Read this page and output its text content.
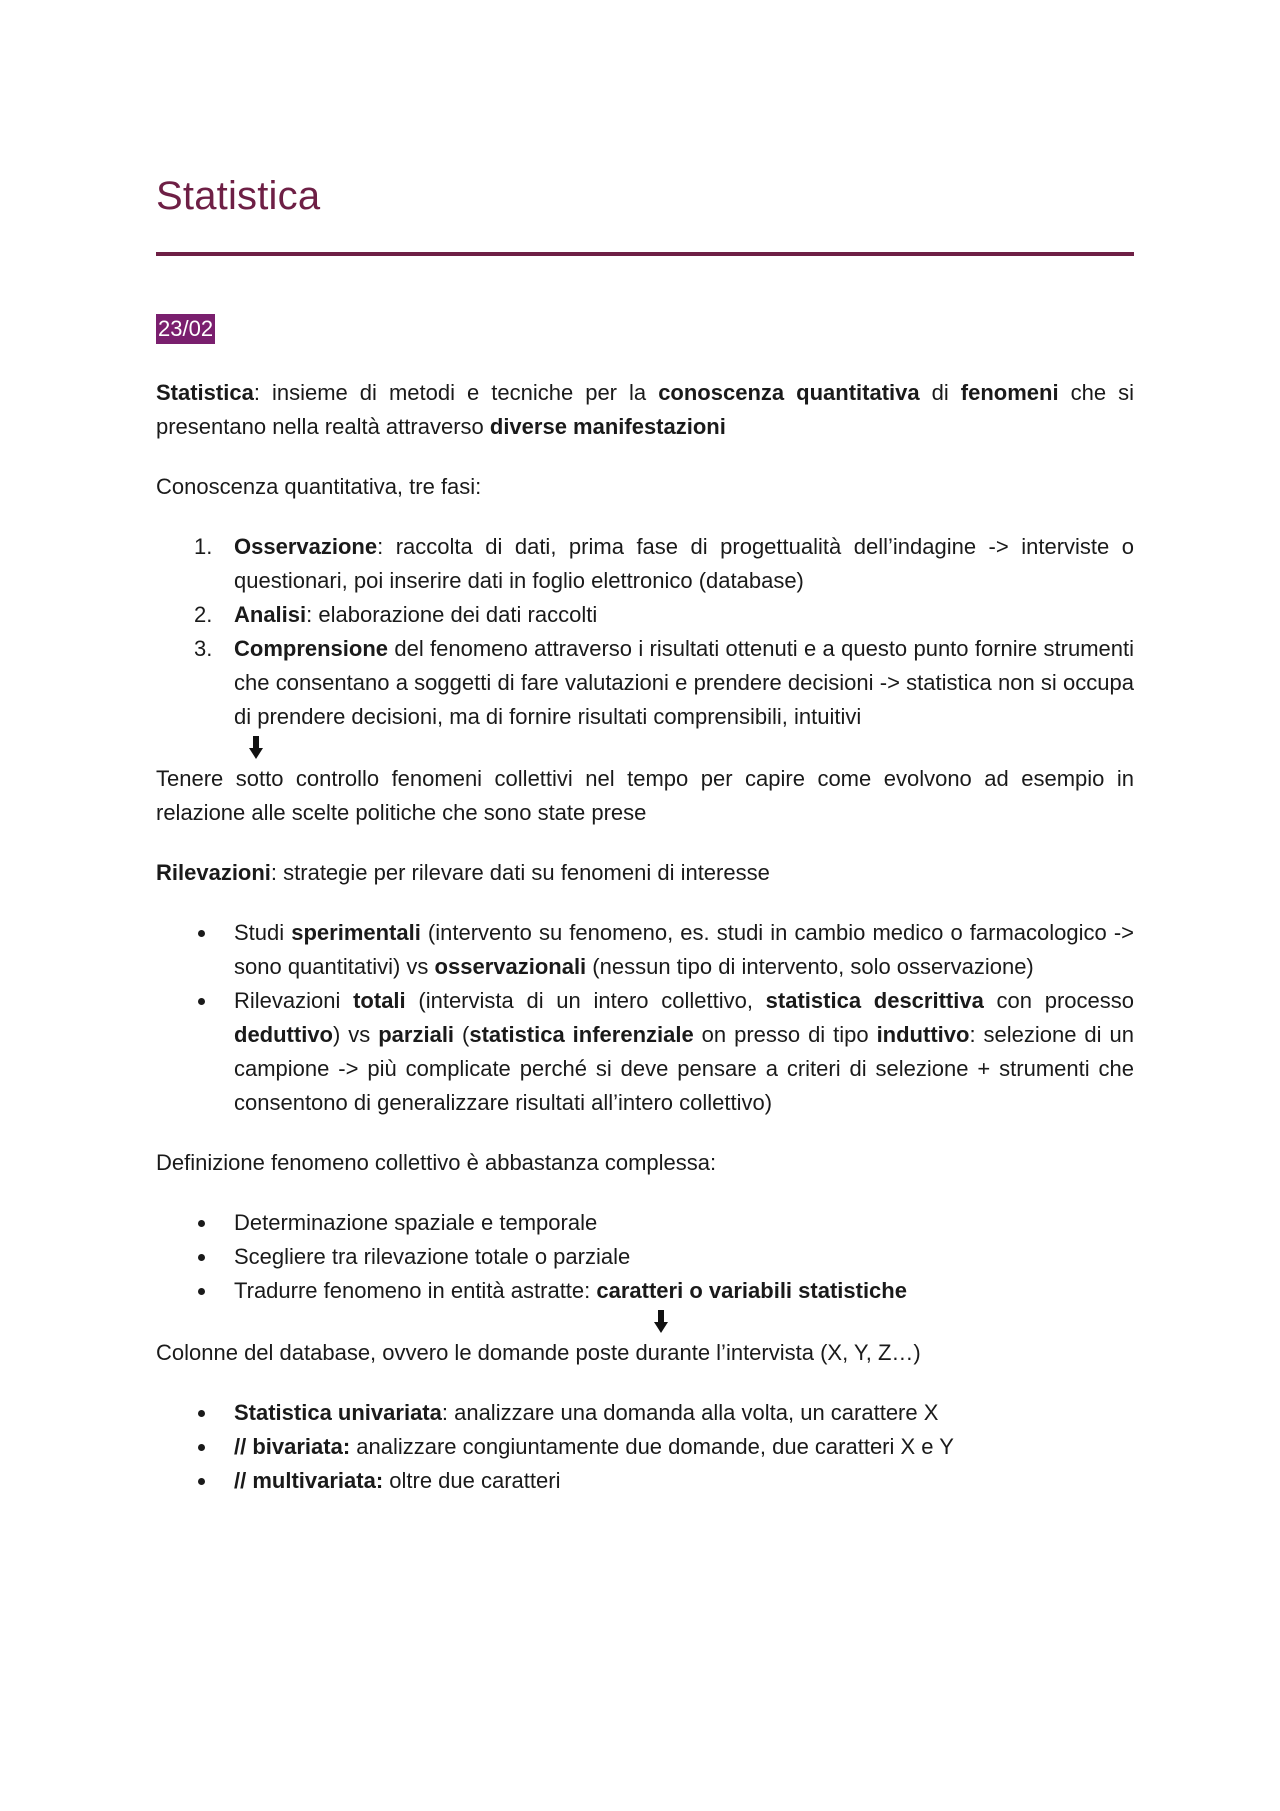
Statistica
23/02

Statistica: insieme di metodi e tecniche per la conoscenza quantitativa di fenomeni che si presentano nella realtà attraverso diverse manifestazioni

Conoscenza quantitativa, tre fasi:

1. Osservazione: raccolta di dati, prima fase di progettualità dell’indagine -> interviste o questionari, poi inserire dati in foglio elettronico (database)
2. Analisi: elaborazione dei dati raccolti
3. Comprensione del fenomeno attraverso i risultati ottenuti e a questo punto fornire strumenti che consentano a soggetti di fare valutazioni e prendere decisioni -> statistica non si occupa di prendere decisioni, ma di fornire risultati comprensibili, intuitivi

Tenere sotto controllo fenomeni collettivi nel tempo per capire come evolvono ad esempio in relazione alle scelte politiche che sono state prese

Rilevazioni: strategie per rilevare dati su fenomeni di interesse

Studi sperimentali (intervento su fenomeno, es. studi in cambio medico o farmacologico -> sono quantitativi) vs osservazionali (nessun tipo di intervento, solo osservazione)
Rilevazioni totali (intervista di un intero collettivo, statistica descrittiva con processo deduttivo) vs parziali (statistica inferenziale on presso di tipo induttivo: selezione di un campione -> più complicate perché si deve pensare a criteri di selezione + strumenti che consentono di generalizzare risultati all’intero collettivo)

Definizione fenomeno collettivo è abbastanza complessa:

Determinazione spaziale e temporale
Scegliere tra rilevazione totale o parziale
Tradurre fenomeno in entità astratte: caratteri o variabili statistiche

Colonne del database, ovvero le domande poste durante l’intervista (X, Y, Z…)

Statistica univariata: analizzare una domanda alla volta, un carattere X
// bivariata: analizzare congiuntamente due domande, due caratteri X e Y
// multivariata: oltre due caratteri
